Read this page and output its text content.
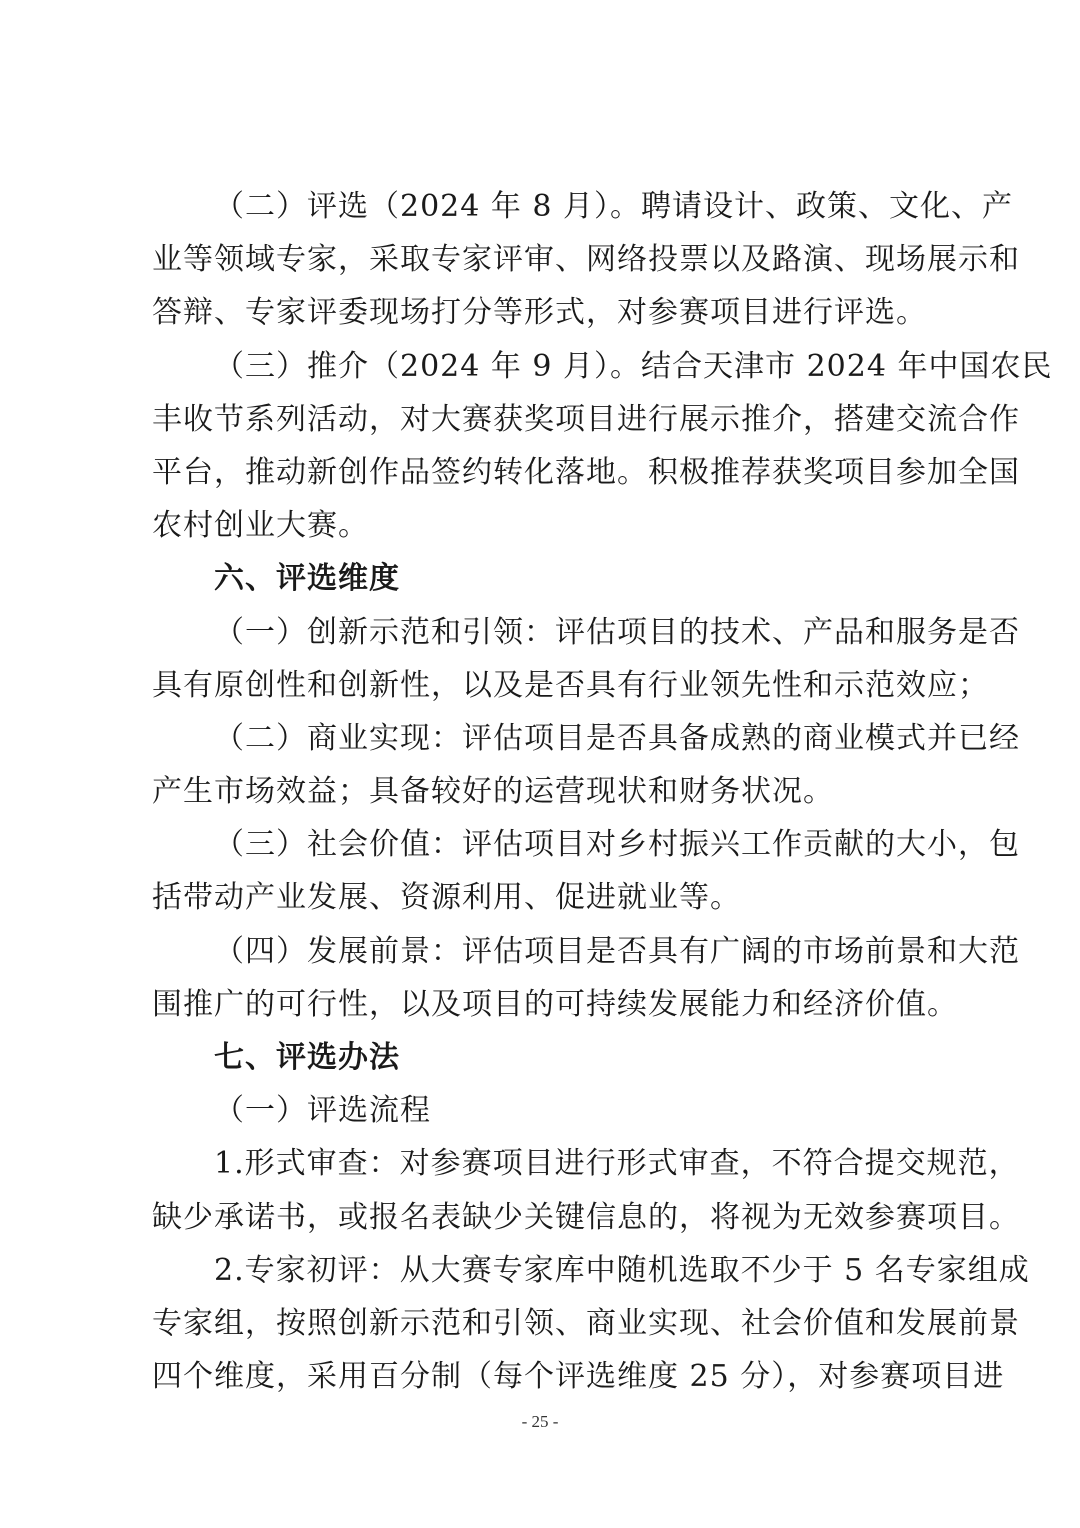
（二）评选（2024 年 8 月）。聘请设计、政策、文化、产
业等领域专家，采取专家评审、网络投票以及路演、现场展示和
答辩、专家评委现场打分等形式，对参赛项目进行评选。
（三）推介（2024 年 9 月）。结合天津市 2024 年中国农民
丰收节系列活动，对大赛获奖项目进行展示推介，搭建交流合作
平台，推动新创作品签约转化落地。积极推荐获奖项目参加全国
农村创业大赛。
六、评选维度
（一）创新示范和引领：评估项目的技术、产品和服务是否
具有原创性和创新性，以及是否具有行业领先性和示范效应；
（二）商业实现：评估项目是否具备成熟的商业模式并已经
产生市场效益；具备较好的运营现状和财务状况。
（三）社会价值：评估项目对乡村振兴工作贡献的大小，包
括带动产业发展、资源利用、促进就业等。
（四）发展前景：评估项目是否具有广阔的市场前景和大范
围推广的可行性，以及项目的可持续发展能力和经济价值。
七、评选办法
（一）评选流程
1.形式审查：对参赛项目进行形式审查，不符合提交规范，
缺少承诺书，或报名表缺少关键信息的，将视为无效参赛项目。
2.专家初评：从大赛专家库中随机选取不少于 5 名专家组成
专家组，按照创新示范和引领、商业实现、社会价值和发展前景
四个维度，采用百分制（每个评选维度 25 分），对参赛项目进
- 25 -
